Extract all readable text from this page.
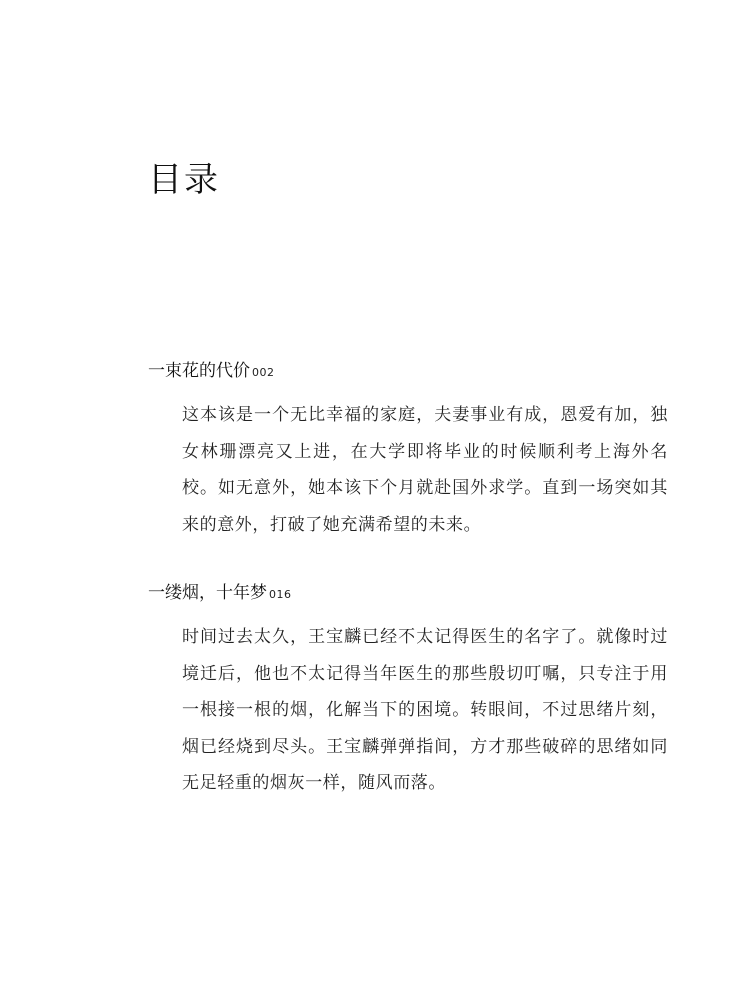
目录
一束花的代价 002
这本该是一个无比幸福的家庭，夫妻事业有成，恩爱有加，独女林珊漂亮又上进，在大学即将毕业的时候顺利考上海外名校。如无意外，她本该下个月就赴国外求学。直到一场突如其来的意外，打破了她充满希望的未来。
一缕烟，十年梦 016
时间过去太久，王宝麟已经不太记得医生的名字了。就像时过境迁后，他也不太记得当年医生的那些殷切叮嘱，只专注于用一根接一根的烟，化解当下的困境。转眼间，不过思绪片刻，烟已经烧到尽头。王宝麟弹弹指间，方才那些破碎的思绪如同无足轻重的烟灰一样，随风而落。
